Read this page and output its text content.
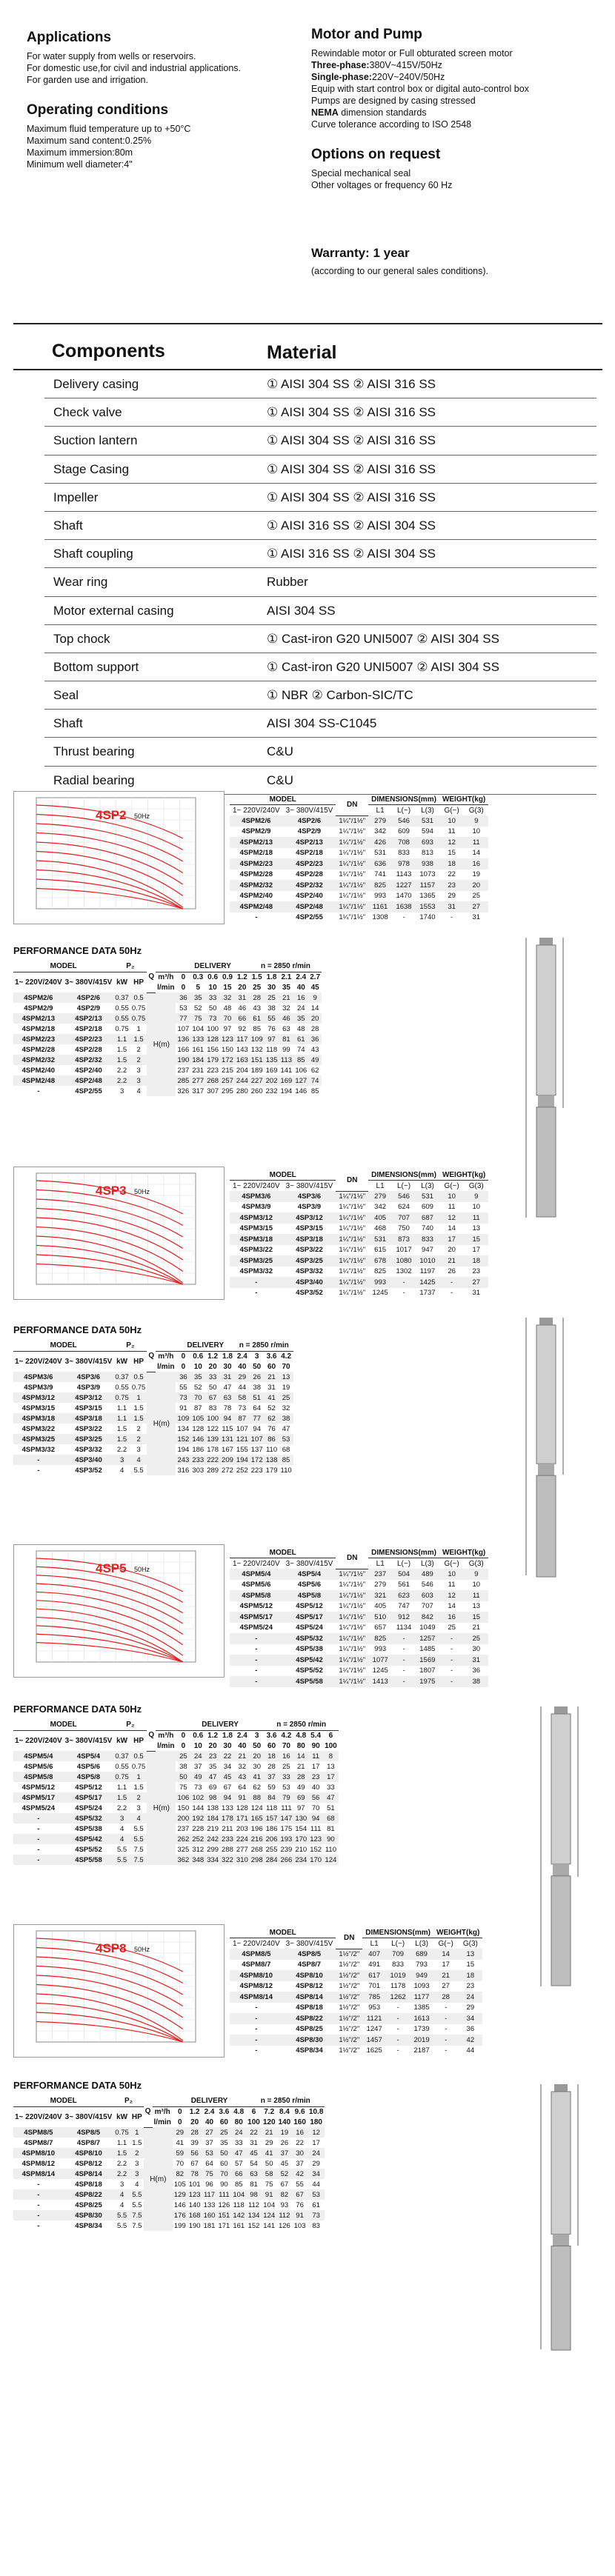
Applications
For water supply from wells or reservoirs.
For domestic use,for civil and industrial applications.
For garden use and irrigation.
Operating conditions
Maximum fluid temperature up to +50°C
Maximum sand content:0.25%
Maximum immersion:80m
Minimum well diameter:4"
Motor and Pump
Rewindable motor or Full obturated screen motor
Three-phase:380V~415V/50Hz
Single-phase:220V~240V/50Hz
Equip with start control box or digital auto-control box
Pumps are designed by casing stressed
NEMA dimension standards
Curve tolerance according to ISO 2548
Options on request
Special mechanical seal
Other voltages or frequency 60 Hz
Warranty: 1 year
(according to our general sales conditions).
Components	Material
Delivery casing	① AISI 304 SS ② AISI 316 SS
Check valve	① AISI 304 SS ② AISI 316 SS
Suction lantern	① AISI 304 SS ② AISI 316 SS
Stage Casing	① AISI 304 SS ② AISI 316 SS
Impeller	① AISI 304 SS ② AISI 316 SS
Shaft	① AISI 316 SS ② AISI 304 SS
Shaft coupling	① AISI 316 SS ② AISI 304 SS
Wear ring	Rubber
Motor external casing	AISI 304 SS
Top chock	① Cast-iron G20 UNI5007 ② AISI 304 SS
Bottom support	① Cast-iron G20 UNI5007 ② AISI 304 SS
Seal	① NBR ② Carbon-SIC/TC
Shaft	AISI 304 SS-C1045
Thrust bearing	C&U
Radial bearing	C&U
4SP2 50Hz
MODEL		DN	DIMENSIONS(mm)			WEIGHT(kg)	
1~ 220V/240V	3~ 380V/415V		L1	L(~)	L(3)	G(~)	G(3)
4SPM2/6	4SP2/6	1¼"/1½"	279	546	531	10	9
4SPM2/9	4SP2/9	1¼"/1½"	342	609	594	11	10
4SPM2/13	4SP2/13	1¼"/1½"	426	708	693	12	11
4SPM2/18	4SP2/18	1¼"/1½"	531	833	813	15	14
4SPM2/23	4SP2/23	1¼"/1½"	636	978	938	18	16
4SPM2/28	4SP2/28	1¼"/1½"	741	1143	1073	22	19
4SPM2/32	4SP2/32	1¼"/1½"	825	1227	1157	23	20
4SPM2/40	4SP2/40	1¼"/1½"	993	1470	1365	29	25
4SPM2/48	4SP2/48	1¼"/1½"	1161	1638	1553	31	27
-	4SP2/55	1¼"/1½"	1308	-	1740	-	31
PERFORMANCE DATA 50Hz
MODEL		P₂		Q		DELIVERY					n = 2850 r/min				
1~ 220V/240V	3~ 380V/415V	kW	HP		m³/h	0	0.3	0.6	0.9	1.2	1.5	1.8	2.1	2.4	2.7
					l/min	0	5	10	15	20	25	30	35	40	45
4SPM2/6	4SP2/6	0.37	0.5	H(m)		36	35	33	32	31	28	25	21	16	9
4SPM2/9	4SP2/9	0.55	0.75			53	52	50	48	46	43	38	32	24	14
4SPM2/13	4SP2/13	0.55	0.75			77	75	73	70	66	61	55	46	35	20
4SPM2/18	4SP2/18	0.75	1			107	104	100	97	92	85	76	63	48	28
4SPM2/23	4SP2/23	1.1	1.5			136	133	128	123	117	109	97	81	61	36
4SPM2/28	4SP2/28	1.5	2			166	161	156	150	143	132	118	99	74	43
4SPM2/32	4SP2/32	1.5	2			190	184	179	172	163	151	135	113	85	49
4SPM2/40	4SP2/40	2.2	3			237	231	223	215	204	189	169	141	106	62
4SPM2/48	4SP2/48	2.2	3			285	277	268	257	244	227	202	169	127	74
-	4SP2/55	3	4			326	317	307	295	280	260	232	194	146	85
4SP3 50Hz
MODEL		DN	DIMENSIONS(mm)			WEIGHT(kg)	
1~ 220V/240V	3~ 380V/415V		L1	L(~)	L(3)	G(~)	G(3)
4SPM3/6	4SP3/6	1¼"/1½"	279	546	531	10	9
4SPM3/9	4SP3/9	1¼"/1½"	342	624	609	11	10
4SPM3/12	4SP3/12	1¼"/1½"	405	707	687	12	11
4SPM3/15	4SP3/15	1¼"/1½"	468	750	740	14	13
4SPM3/18	4SP3/18	1¼"/1½"	531	873	833	17	15
4SPM3/22	4SP3/22	1¼"/1½"	615	1017	947	20	17
4SPM3/25	4SP3/25	1¼"/1½"	678	1080	1010	21	18
4SPM3/32	4SP3/32	1¼"/1½"	825	1302	1197	26	23
-	4SP3/40	1¼"/1½"	993	-	1425	-	27
-	4SP3/52	1¼"/1½"	1245	-	1737	-	31
PERFORMANCE DATA 50Hz
MODEL		P₂		Q		DELIVERY				n = 2850 r/min			
1~ 220V/240V	3~ 380V/415V	kW	HP		m³/h	0	0.6	1.2	1.8	2.4	3	3.6	4.2
					l/min	0	10	20	30	40	50	60	70
4SPM3/6	4SP3/6	0.37	0.5	H(m)		36	35	33	31	29	26	21	13
4SPM3/9	4SP3/9	0.55	0.75			55	52	50	47	44	38	31	19
4SPM3/12	4SP3/12	0.75	1			73	70	67	63	58	51	41	25
4SPM3/15	4SP3/15	1.1	1.5			91	87	83	78	73	64	52	32
4SPM3/18	4SP3/18	1.1	1.5			109	105	100	94	87	77	62	38
4SPM3/22	4SP3/22	1.5	2			134	128	122	115	107	94	76	47
4SPM3/25	4SP3/25	1.5	2			152	146	139	131	121	107	86	53
4SPM3/32	4SP3/32	2.2	3			194	186	178	167	155	137	110	68
-	4SP3/40	3	4			243	233	222	209	194	172	138	85
-	4SP3/52	4	5.5			316	303	289	272	252	223	179	110
4SP5 50Hz
MODEL		DN	DIMENSIONS(mm)			WEIGHT(kg)	
1~ 220V/240V	3~ 380V/415V		L1	L(~)	L(3)	G(~)	G(3)
4SPM5/4	4SP5/4	1¼"/1½"	237	504	489	10	9
4SPM5/6	4SP5/6	1¼"/1½"	279	561	546	11	10
4SPM5/8	4SP5/8	1¼"/1½"	321	623	603	12	11
4SPM5/12	4SP5/12	1¼"/1½"	405	747	707	14	13
4SPM5/17	4SP5/17	1¼"/1½"	510	912	842	16	15
4SPM5/24	4SP5/24	1¼"/1½"	657	1134	1049	25	21
-	4SP5/32	1¼"/1½"	825	-	1257	-	25
-	4SP5/38	1¼"/1½"	993	-	1485	-	30
-	4SP5/42	1¼"/1½"	1077	-	1569	-	31
-	4SP5/52	1¼"/1½"	1245	-	1807	-	36
-	4SP5/58	1¼"/1½"	1413	-	1975	-	38
PERFORMANCE DATA 50Hz
MODEL		P₂		Q		DELIVERY						n = 2850 r/min				
1~ 220V/240V	3~ 380V/415V	kW	HP		m³/h	0	0.6	1.2	1.8	2.4	3	3.6	4.2	4.8	5.4	6
					l/min	0	10	20	30	40	50	60	70	80	90	100
4SPM5/4	4SP5/4	0.37	0.5	H(m)		25	24	23	22	21	20	18	16	14	11	8
4SPM5/6	4SP5/6	0.55	0.75			38	37	35	34	32	30	28	25	21	17	13
4SPM5/8	4SP5/8	0.75	1			50	49	47	45	43	41	37	33	28	23	17
4SPM5/12	4SP5/12	1.1	1.5			75	73	69	67	64	62	59	53	49	40	33
4SPM5/17	4SP5/17	1.5	2			106	102	98	94	91	88	84	79	69	56	47
4SPM5/24	4SP5/24	2.2	3			150	144	138	133	128	124	118	111	97	70	51
-	4SP5/32	3	4			200	192	184	178	171	165	157	147	130	94	68
-	4SP5/38	4	5.5			237	228	219	211	203	196	186	175	154	111	81
-	4SP5/42	4	5.5			262	252	242	233	224	216	206	193	170	123	90
-	4SP5/52	5.5	7.5			325	312	299	288	277	268	255	239	210	152	110
-	4SP5/58	5.5	7.5			362	348	334	322	310	298	284	266	234	170	124
4SP8 50Hz
MODEL		DN	DIMENSIONS(mm)			WEIGHT(kg)	
1~ 220V/240V	3~ 380V/415V		L1	L(~)	L(3)	G(~)	G(3)
4SPM8/5	4SP8/5	1½"/2"	407	709	689	14	13
4SPM8/7	4SP8/7	1½"/2"	491	833	793	17	15
4SPM8/10	4SP8/10	1½"/2"	617	1019	949	21	18
4SPM8/12	4SP8/12	1½"/2"	701	1178	1093	27	23
4SPM8/14	4SP8/14	1½"/2"	785	1262	1177	28	24
-	4SP8/18	1½"/2"	953	-	1385	-	29
-	4SP8/22	1½"/2"	1121	-	1613	-	34
-	4SP8/25	1½"/2"	1247	-	1739	-	36
-	4SP8/30	1½"/2"	1457	-	2019	-	42
-	4SP8/34	1½"/2"	1625	-	2187	-	44
PERFORMANCE DATA 50Hz
MODEL		P₂		Q		DELIVERY					n = 2850 r/min				
1~ 220V/240V	3~ 380V/415V	kW	HP		m³/h	0	1.2	2.4	3.6	4.8	6	7.2	8.4	9.6	10.8
					l/min	0	20	40	60	80	100	120	140	160	180
4SPM8/5	4SP8/5	0.75	1	H(m)		29	28	27	25	24	22	21	19	16	12
4SPM8/7	4SP8/7	1.1	1.5			41	39	37	35	33	31	29	26	22	17
4SPM8/10	4SP8/10	1.5	2			59	56	53	50	47	45	41	37	30	24
4SPM8/12	4SP8/12	2.2	3			70	67	64	60	57	54	50	45	37	29
4SPM8/14	4SP8/14	2.2	3			82	78	75	70	66	63	58	52	42	34
-	4SP8/18	3	4			105	101	96	90	85	81	75	67	55	44
-	4SP8/22	4	5.5			129	123	117	111	104	98	91	82	67	53
-	4SP8/25	4	5.5			146	140	133	126	118	112	104	93	76	61
-	4SP8/30	5.5	7.5			176	168	160	151	142	134	124	112	91	73
-	4SP8/34	5.5	7.5			199	190	181	171	161	152	141	126	103	83
